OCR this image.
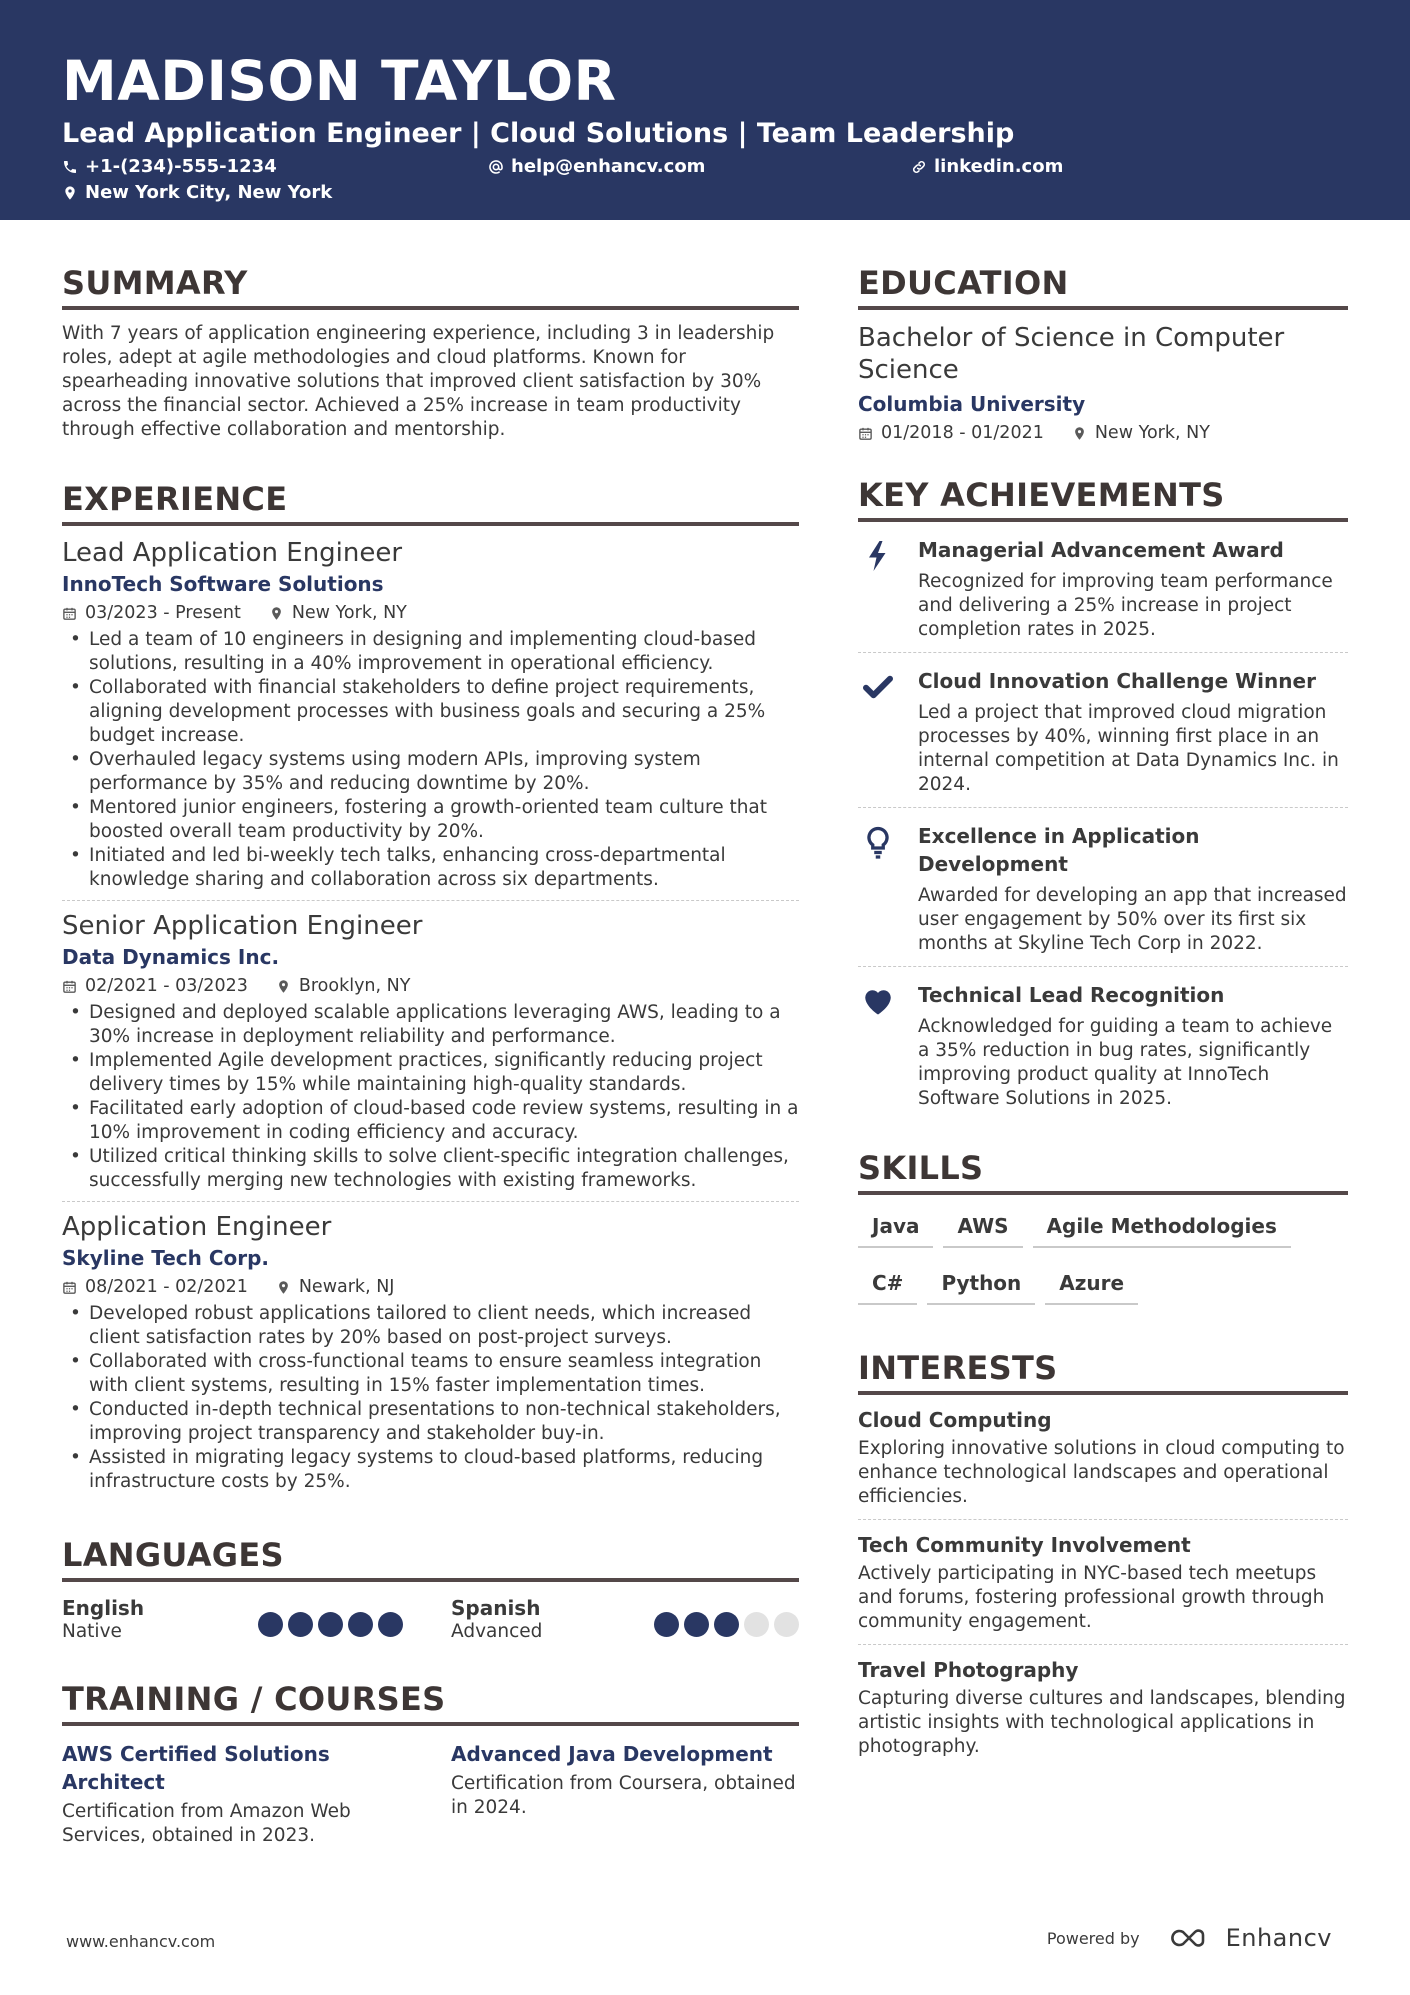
MADISON TAYLOR
Lead Application Engineer | Cloud Solutions | Team Leadership
+1-(234)-555-1234	help@enhancv.com	linkedin.com
New York City, New York
SUMMARY
With 7 years of application engineering experience, including 3 in leadership roles, adept at agile methodologies and cloud platforms. Known for spearheading innovative solutions that improved client satisfaction by 30% across the financial sector. Achieved a 25% increase in team productivity through effective collaboration and mentorship.
EXPERIENCE
Lead Application Engineer
InnoTech Software Solutions
03/2023 - Present	New York, NY
• Led a team of 10 engineers in designing and implementing cloud-based solutions, resulting in a 40% improvement in operational efficiency.
• Collaborated with financial stakeholders to define project requirements, aligning development processes with business goals and securing a 25% budget increase.
• Overhauled legacy systems using modern APIs, improving system performance by 35% and reducing downtime by 20%.
• Mentored junior engineers, fostering a growth-oriented team culture that boosted overall team productivity by 20%.
• Initiated and led bi-weekly tech talks, enhancing cross-departmental knowledge sharing and collaboration across six departments.
Senior Application Engineer
Data Dynamics Inc.
02/2021 - 03/2023	Brooklyn, NY
• Designed and deployed scalable applications leveraging AWS, leading to a 30% increase in deployment reliability and performance.
• Implemented Agile development practices, significantly reducing project delivery times by 15% while maintaining high-quality standards.
• Facilitated early adoption of cloud-based code review systems, resulting in a 10% improvement in coding efficiency and accuracy.
• Utilized critical thinking skills to solve client-specific integration challenges, successfully merging new technologies with existing frameworks.
Application Engineer
Skyline Tech Corp.
08/2021 - 02/2021	Newark, NJ
• Developed robust applications tailored to client needs, which increased client satisfaction rates by 20% based on post-project surveys.
• Collaborated with cross-functional teams to ensure seamless integration with client systems, resulting in 15% faster implementation times.
• Conducted in-depth technical presentations to non-technical stakeholders, improving project transparency and stakeholder buy-in.
• Assisted in migrating legacy systems to cloud-based platforms, reducing infrastructure costs by 25%.
LANGUAGES
English
Native
Spanish
Advanced
TRAINING / COURSES
AWS Certified Solutions Architect
Certification from Amazon Web Services, obtained in 2023.
Advanced Java Development
Certification from Coursera, obtained in 2024.
EDUCATION
Bachelor of Science in Computer Science
Columbia University
01/2018 - 01/2021	New York, NY
KEY ACHIEVEMENTS
Managerial Advancement Award
Recognized for improving team performance and delivering a 25% increase in project completion rates in 2025.
Cloud Innovation Challenge Winner
Led a project that improved cloud migration processes by 40%, winning first place in an internal competition at Data Dynamics Inc. in 2024.
Excellence in Application Development
Awarded for developing an app that increased user engagement by 50% over its first six months at Skyline Tech Corp in 2022.
Technical Lead Recognition
Acknowledged for guiding a team to achieve a 35% reduction in bug rates, significantly improving product quality at InnoTech Software Solutions in 2025.
SKILLS
Java	AWS	Agile Methodologies
C#	Python	Azure
INTERESTS
Cloud Computing
Exploring innovative solutions in cloud computing to enhance technological landscapes and operational efficiencies.
Tech Community Involvement
Actively participating in NYC-based tech meetups and forums, fostering professional growth through community engagement.
Travel Photography
Capturing diverse cultures and landscapes, blending artistic insights with technological applications in photography.
www.enhancv.com	Powered by	Enhancv
